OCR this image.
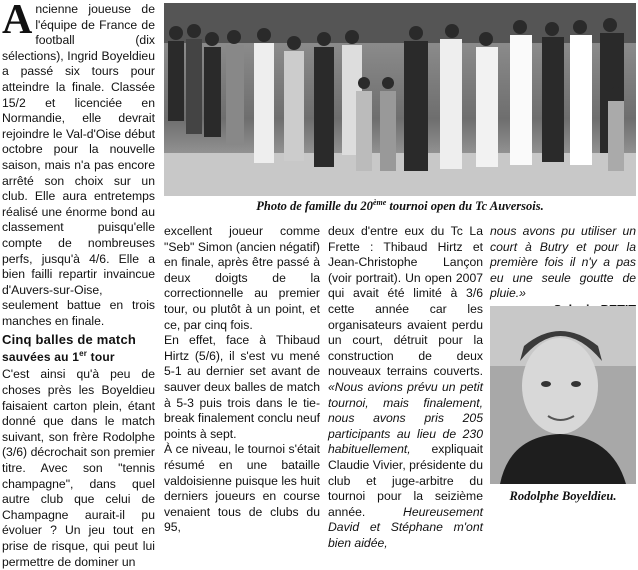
Ancienne joueuse de l'équipe de France de football (dix sélections), Ingrid Boyeldieu a passé six tours pour atteindre la finale. Classée 15/2 et licenciée en Normandie, elle devrait rejoindre le Val-d'Oise début octobre pour la nouvelle saison, mais n'a pas encore arrêté son choix sur un club. Elle aura entretemps réalisé une énorme bond au classement puisqu'elle compte de nombreuses perfs, jusqu'à 4/6. Elle a bien failli repartir invaincue d'Auvers-sur-Oise, seulement battue en trois manches en finale.

Cinq balles de match
sauvées au 1er tour

C'est ainsi qu'à peu de choses près les Boyeldieu faisaient carton plein, étant donné que dans le match suivant, son frère Rodolphe (3/6) décrochait son premier titre. Avec son "tennis champagne", dans quel autre club que celui de Champagne aurait-il pu évoluer ? Un jeu tout en prise de risque, qui peut lui permettre de dominer un

Photo de famille du 20ème tournoi open du Tc Auversois.

excellent joueur comme "Seb" Simon (ancien négatif) en finale, après être passé à deux doigts de la correctionnelle au premier tour, ou plutôt à un point, et ce, par cinq fois.

En effet, face à Thibaud Hirtz (5/6), il s'est vu mené 5-1 au dernier set avant de sauver deux balles de match à 5-3 puis trois dans le tie-break finalement conclu neuf points à sept.

À ce niveau, le tournoi s'était résumé en une bataille valdoisienne puisque les huit derniers joueurs en course venaient tous de clubs du 95,

deux d'entre eux du Tc La Frette : Thibaud Hirtz et Jean-Christophe Lançon (voir portrait). Un open 2007 qui avait été limité à 3/6 cette année car les organisateurs avaient perdu un court, détruit pour la construction de deux nouveaux terrains couverts. «Nous avions prévu un petit tournoi, mais finalement, nous avons pris 205 participants au lieu de 230 habituellement, expliquait Claudie Vivier, présidente du club et juge-arbitre du tournoi pour la seizième année. Heureusement David et Stéphane m'ont bien aidée,

nous avons pu utiliser un court à Butry et pour la première fois il n'y a pas eu une seule goutte de pluie.»

Rodolphe Boyeldieu.
